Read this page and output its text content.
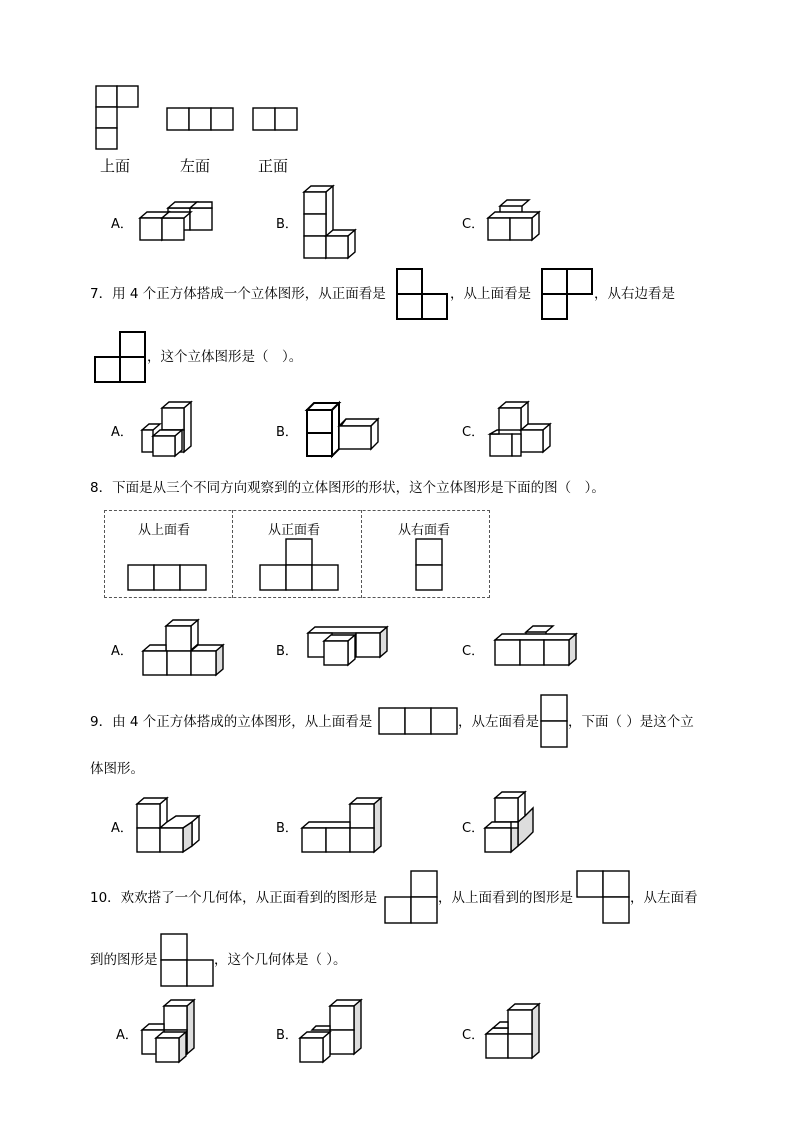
上面	左面	正面
A．	B．	C．
7．用 4 个正方体搭成一个立体图形，从正面看是	，从上面看是	，从右边看是
，这个立体图形是（　）。
A．	B．	C．
8．下面是从三个不同方向观察到的立体图形的形状，这个立体图形是下面的图（　）。
从上面看	从正面看	从右面看
A．	B．	C．
9．由 4 个正方体搭成的立体图形，从上面看是	，从左面看是 ，下面（ ）是这个立
体图形。
A．	B．	C．
10．欢欢搭了一个几何体，从正面看到的图形是	，从上面看到的图形是	，从左面看
到的图形是	，这个几何体是（ ）。
A．	B．	C．
